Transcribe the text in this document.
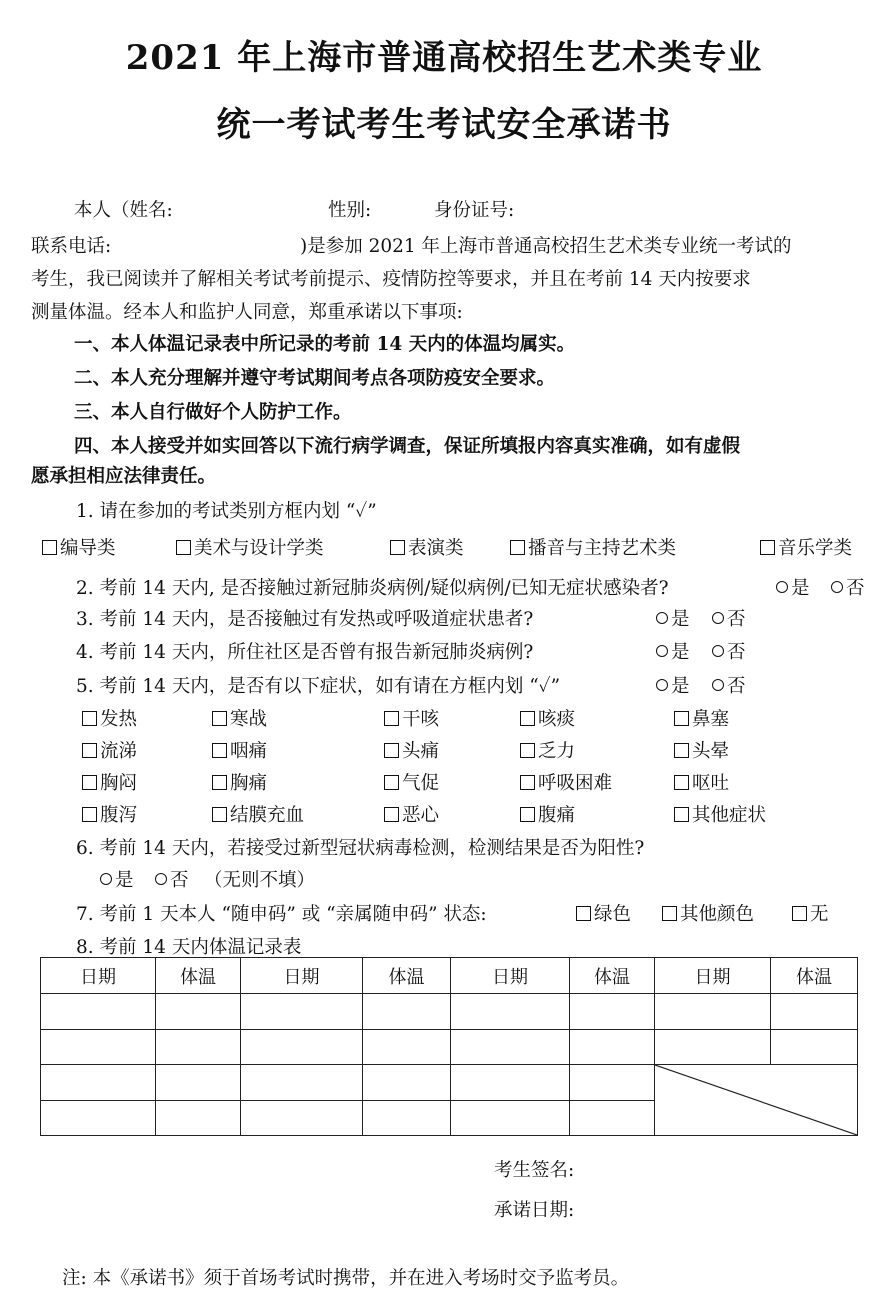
2021 年上海市普通高校招生艺术类专业
统一考试考生考试安全承诺书
本人（姓名:	性别:	身份证号:
联系电话:	)是参加 2021 年上海市普通高校招生艺术类专业统一考试的
考生，我已阅读并了解相关考试考前提示、疫情防控等要求，并且在考前 14 天内按要求
测量体温。经本人和监护人同意，郑重承诺以下事项:
一、本人体温记录表中所记录的考前 14 天内的体温均属实。
二、本人充分理解并遵守考试期间考点各项防疫安全要求。
三、本人自行做好个人防护工作。
四、本人接受并如实回答以下流行病学调查，保证所填报内容真实准确，如有虚假
愿承担相应法律责任。
1. 请在参加的考试类别方框内划 “✓”
编导类	美术与设计学类	表演类	播音与主持艺术类	音乐学类
2. 考前 14 天内, 是否接触过新冠肺炎病例/疑似病例/已知无症状感染者?	是	否
3. 考前 14 天内，是否接触过有发热或呼吸道症状患者?	是	否
4. 考前 14 天内，所住社区是否曾有报告新冠肺炎病例?	是	否
5. 考前 14 天内，是否有以下症状，如有请在方框内划 “✓”	是	否
发热	寒战	干咳	咳痰	鼻塞
流涕	咽痛	头痛	乏力	头晕
胸闷	胸痛	气促	呼吸困难	呕吐
腹泻	结膜充血	恶心	腹痛	其他症状
6. 考前 14 天内，若接受过新型冠状病毒检测，检测结果是否为阳性?
是	否 （无则不填）
7. 考前 1 天本人 “随申码” 或 “亲属随申码” 状态:	绿色	其他颜色	无
8. 考前 14 天内体温记录表
日期	体温	日期	体温	日期	体温	日期	体温

考生签名:
承诺日期:
注: 本《承诺书》须于首场考试时携带，并在进入考场时交予监考员。
